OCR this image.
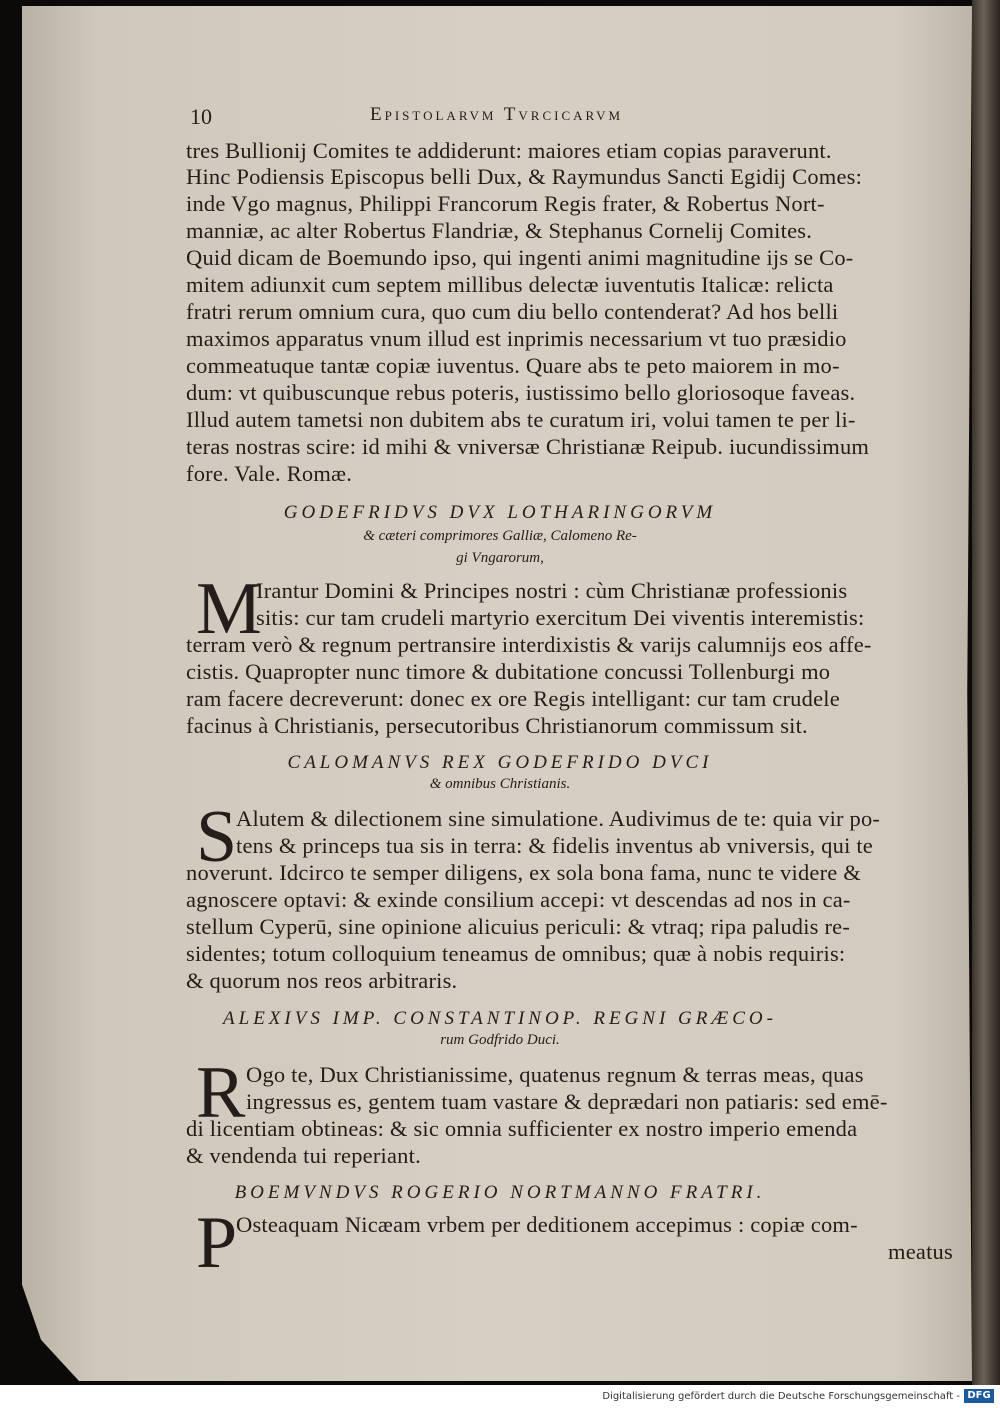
10	Epistolarvm Tvrcicarvm
tres Bullionij Comites te addiderunt: maiores etiam copias paraverunt.
Hinc Podiensis Episcopus belli Dux, & Raymundus Sancti Egidij Comes:
inde Vgo magnus, Philippi Francorum Regis frater, & Robertus Nort-
manniæ, ac alter Robertus Flandriæ, & Stephanus Cornelij Comites.
Quid dicam de Boemundo ipso, qui ingenti animi magnitudine ijs se Co-
mitem adiunxit cum septem millibus delectæ iuventutis Italicæ: relicta
fratri rerum omnium cura, quo cum diu bello contenderat? Ad hos belli
maximos apparatus vnum illud est inprimis necessarium vt tuo præsidio
commeatuque tantæ copiæ iuventus. Quare abs te peto maiorem in mo-
dum: vt quibuscunque rebus poteris, iustissimo bello gloriosoque faveas.
Illud autem tametsi non dubitem abs te curatum iri, volui tamen te per li-
teras nostras scire: id mihi & vniversæ Christianæ Reipub. iucundissimum
fore. Vale. Romæ.
GODEFRIDVS DVX LOTHARINGORVM
& cæteri comprimores Galliæ, Calomeno Re-
gi Vngarorum,
M
Irantur Domini & Principes nostri : cùm Christianæ professionis
sitis: cur tam crudeli martyrio exercitum Dei viventis interemistis:
terram verò & regnum pertransire interdixistis & varijs calumnijs eos affe-
cistis. Quapropter nunc timore & dubitatione concussi Tollenburgi mo
ram facere decreverunt: donec ex ore Regis intelligant: cur tam crudele
facinus à Christianis, persecutoribus Christianorum commissum sit.
CALOMANVS REX GODEFRIDO DVCI
& omnibus Christianis.
S
Alutem & dilectionem sine simulatione. Audivimus de te: quia vir po-
tens & princeps tua sis in terra: & fidelis inventus ab vniversis, qui te
noverunt. Idcirco te semper diligens, ex sola bona fama, nunc te videre &
agnoscere optavi: & exinde consilium accepi: vt descendas ad nos in ca-
stellum Cyperū, sine opinione alicuius periculi: & vtraq; ripa paludis re-
sidentes; totum colloquium teneamus de omnibus; quæ à nobis requiris:
& quorum nos reos arbitraris.
ALEXIVS IMP. CONSTANTINOP. REGNI GRÆCO-
rum Godfrido Duci.
R Ogo te, Dux Christianissime, quatenus regnum & terras meas, quas
ingressus es, gentem tuam vastare & deprædari non patiaris: sed emē-
di licentiam obtineas: & sic omnia sufficienter ex nostro imperio emenda
& vendenda tui reperiant.
BOEMVNDVS ROGERIO NORTMANNO FRATRI.
P
Osteaquam Nicæam vrbem per deditionem accepimus : copiæ com-
meatus
Digitalisierung gefördert durch die Deutsche Forschungsgemeinschaft - DFG
